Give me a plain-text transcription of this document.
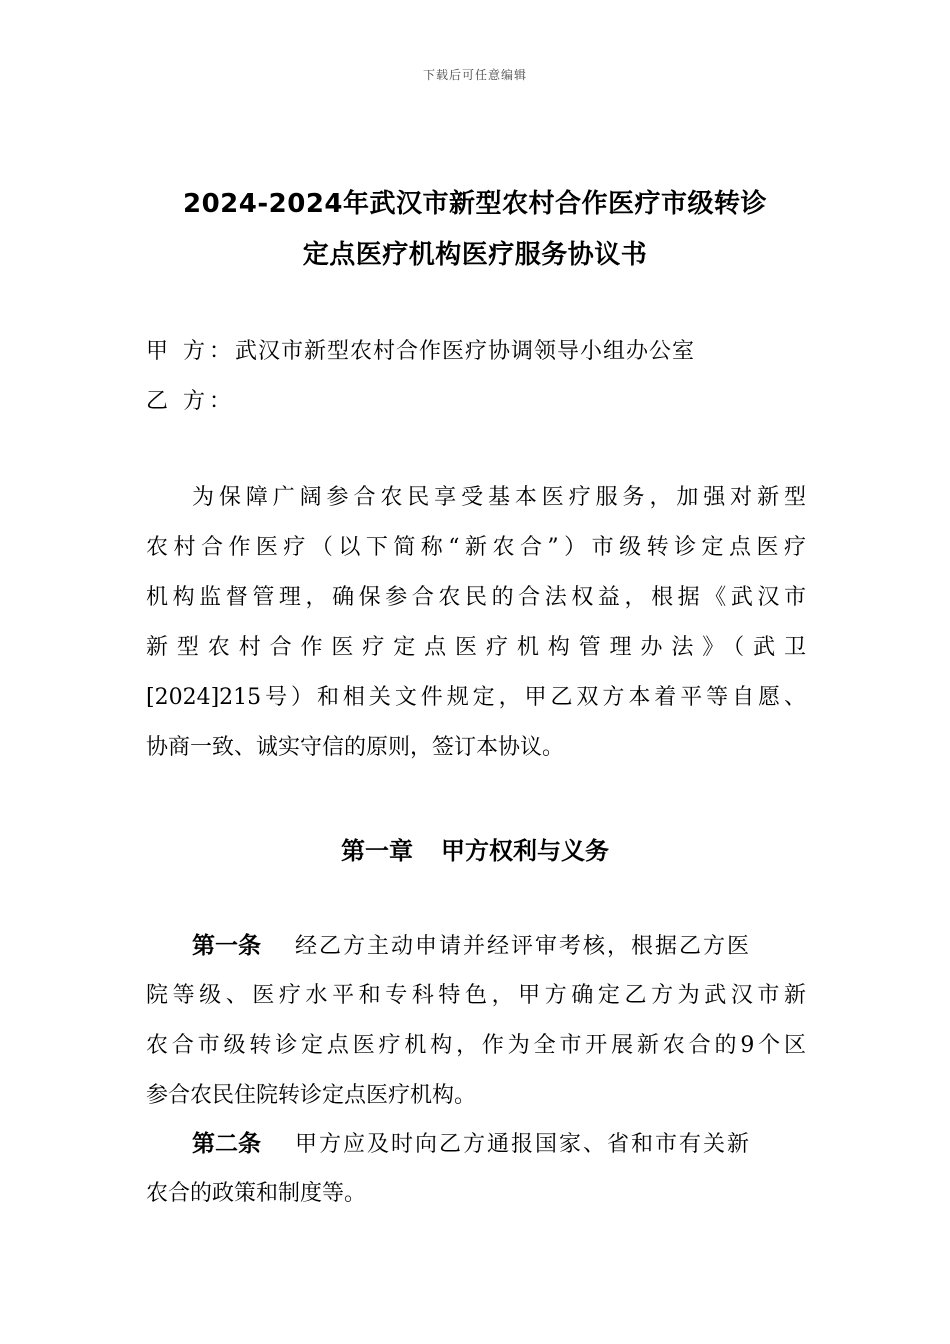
下载后可任意编辑
2024-2024年武汉市新型农村合作医疗市级转诊
定点医疗机构医疗服务协议书
甲 方：武汉市新型农村合作医疗协调领导小组办公室
乙 方：
为保障广阔参合农民享受基本医疗服务，加强对新型
农村合作医疗（以下简称“新农合”）市级转诊定点医疗
机构监督管理，确保参合农民的合法权益，根据《武汉市
新型农村合作医疗定点医疗机构管理办法》（武卫
[2024]215号）和相关文件规定，甲乙双方本着平等自愿、
协商一致、诚实守信的原则，签订本协议。
第一章 甲方权利与义务
第一条 经乙方主动申请并经评审考核，根据乙方医
院等级、医疗水平和专科特色，甲方确定乙方为武汉市新
农合市级转诊定点医疗机构，作为全市开展新农合的9个区
参合农民住院转诊定点医疗机构。
第二条 甲方应及时向乙方通报国家、省和市有关新
农合的政策和制度等。
